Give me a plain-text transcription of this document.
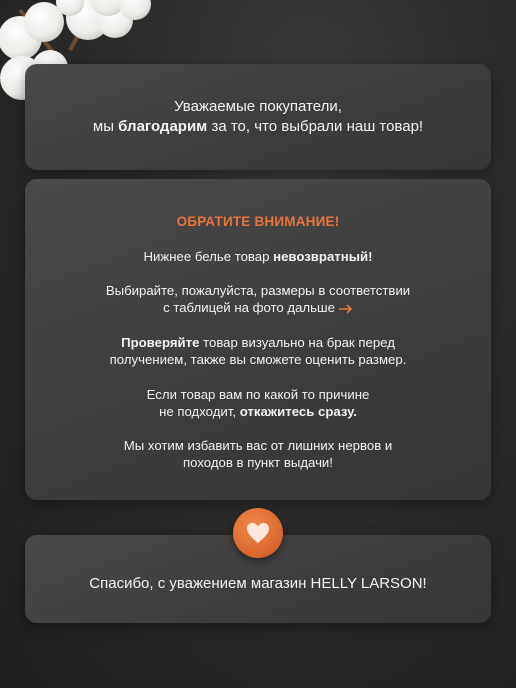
Уважаемые покупатели,
мы благодарим за то, что выбрали наш товар!
ОБРАТИТЕ ВНИМАНИЕ!
Нижнее белье товар невозвратный!
Выбирайте, пожалуйста, размеры в соответствии
с таблицей на фото дальше
Проверяйте товар визуально на брак перед
получением, также вы сможете оценить размер.
Если товар вам по какой то причине
не подходит, откажитесь сразу.
Мы хотим избавить вас от лишних нервов и
походов в пункт выдачи!
Спасибо, с уважением магазин HELLY LARSON!
